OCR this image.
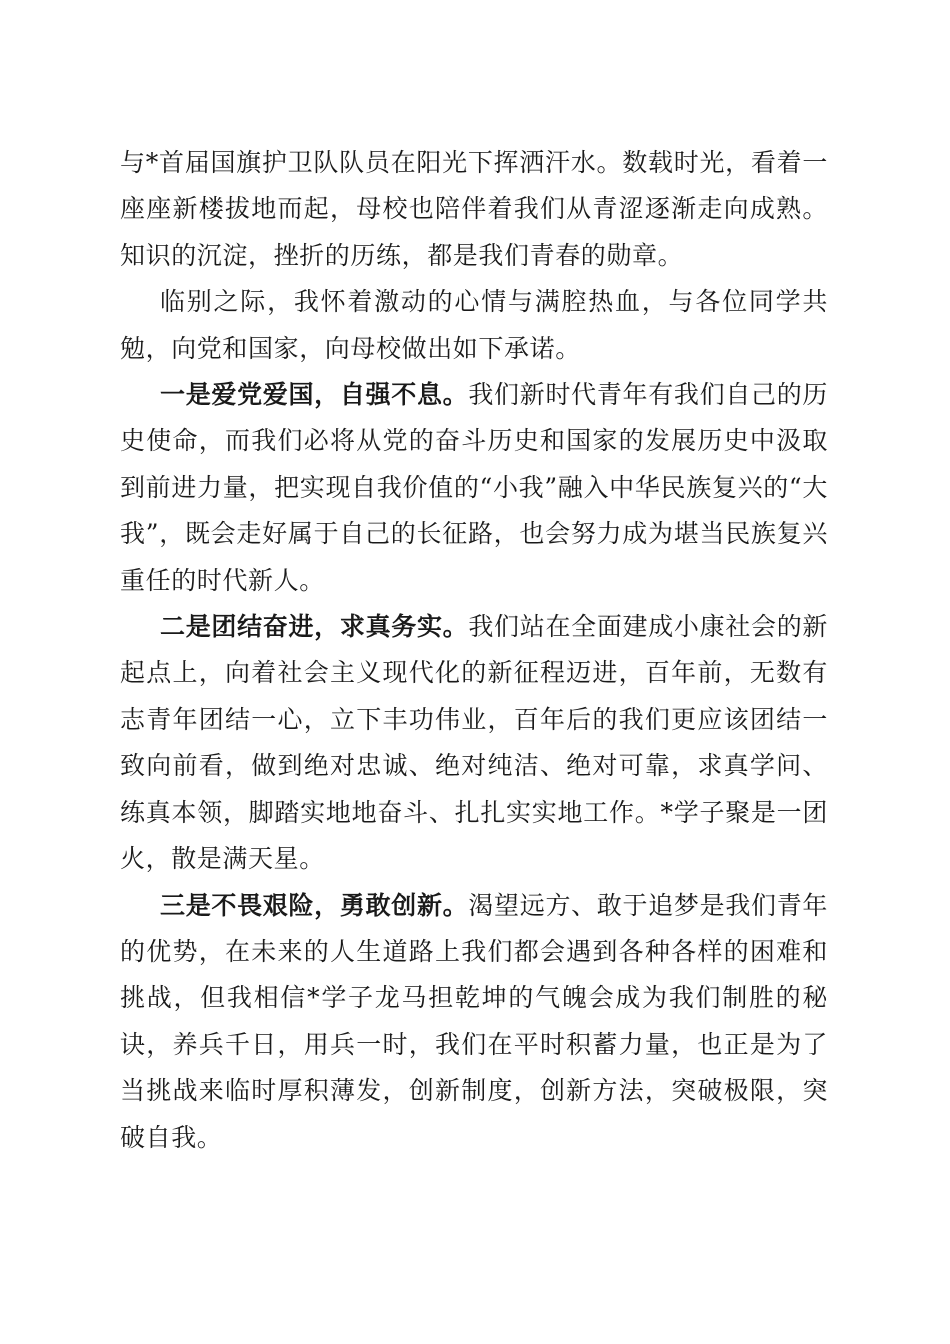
与*首届国旗护卫队队员在阳光下挥洒汗水。数载时光，看着一座座新楼拔地而起，母校也陪伴着我们从青涩逐渐走向成熟。知识的沉淀，挫折的历练，都是我们青春的勋章。

临别之际，我怀着激动的心情与满腔热血，与各位同学共勉，向党和国家，向母校做出如下承诺。

一是爱党爱国，自强不息。我们新时代青年有我们自己的历史使命，而我们必将从党的奋斗历史和国家的发展历史中汲取到前进力量，把实现自我价值的“小我”融入中华民族复兴的“大我”，既会走好属于自己的长征路，也会努力成为堪当民族复兴重任的时代新人。

二是团结奋进，求真务实。我们站在全面建成小康社会的新起点上，向着社会主义现代化的新征程迈进，百年前，无数有志青年团结一心，立下丰功伟业，百年后的我们更应该团结一致向前看，做到绝对忠诚、绝对纯洁、绝对可靠，求真学问、练真本领，脚踏实地地奋斗、扎扎实实地工作。*学子聚是一团火，散是满天星。

三是不畏艰险，勇敢创新。渴望远方、敢于追梦是我们青年的优势，在未来的人生道路上我们都会遇到各种各样的困难和挑战，但我相信*学子龙马担乾坤的气魄会成为我们制胜的秘诀，养兵千日，用兵一时，我们在平时积蓄力量，也正是为了当挑战来临时厚积薄发，创新制度，创新方法，突破极限，突破自我。
